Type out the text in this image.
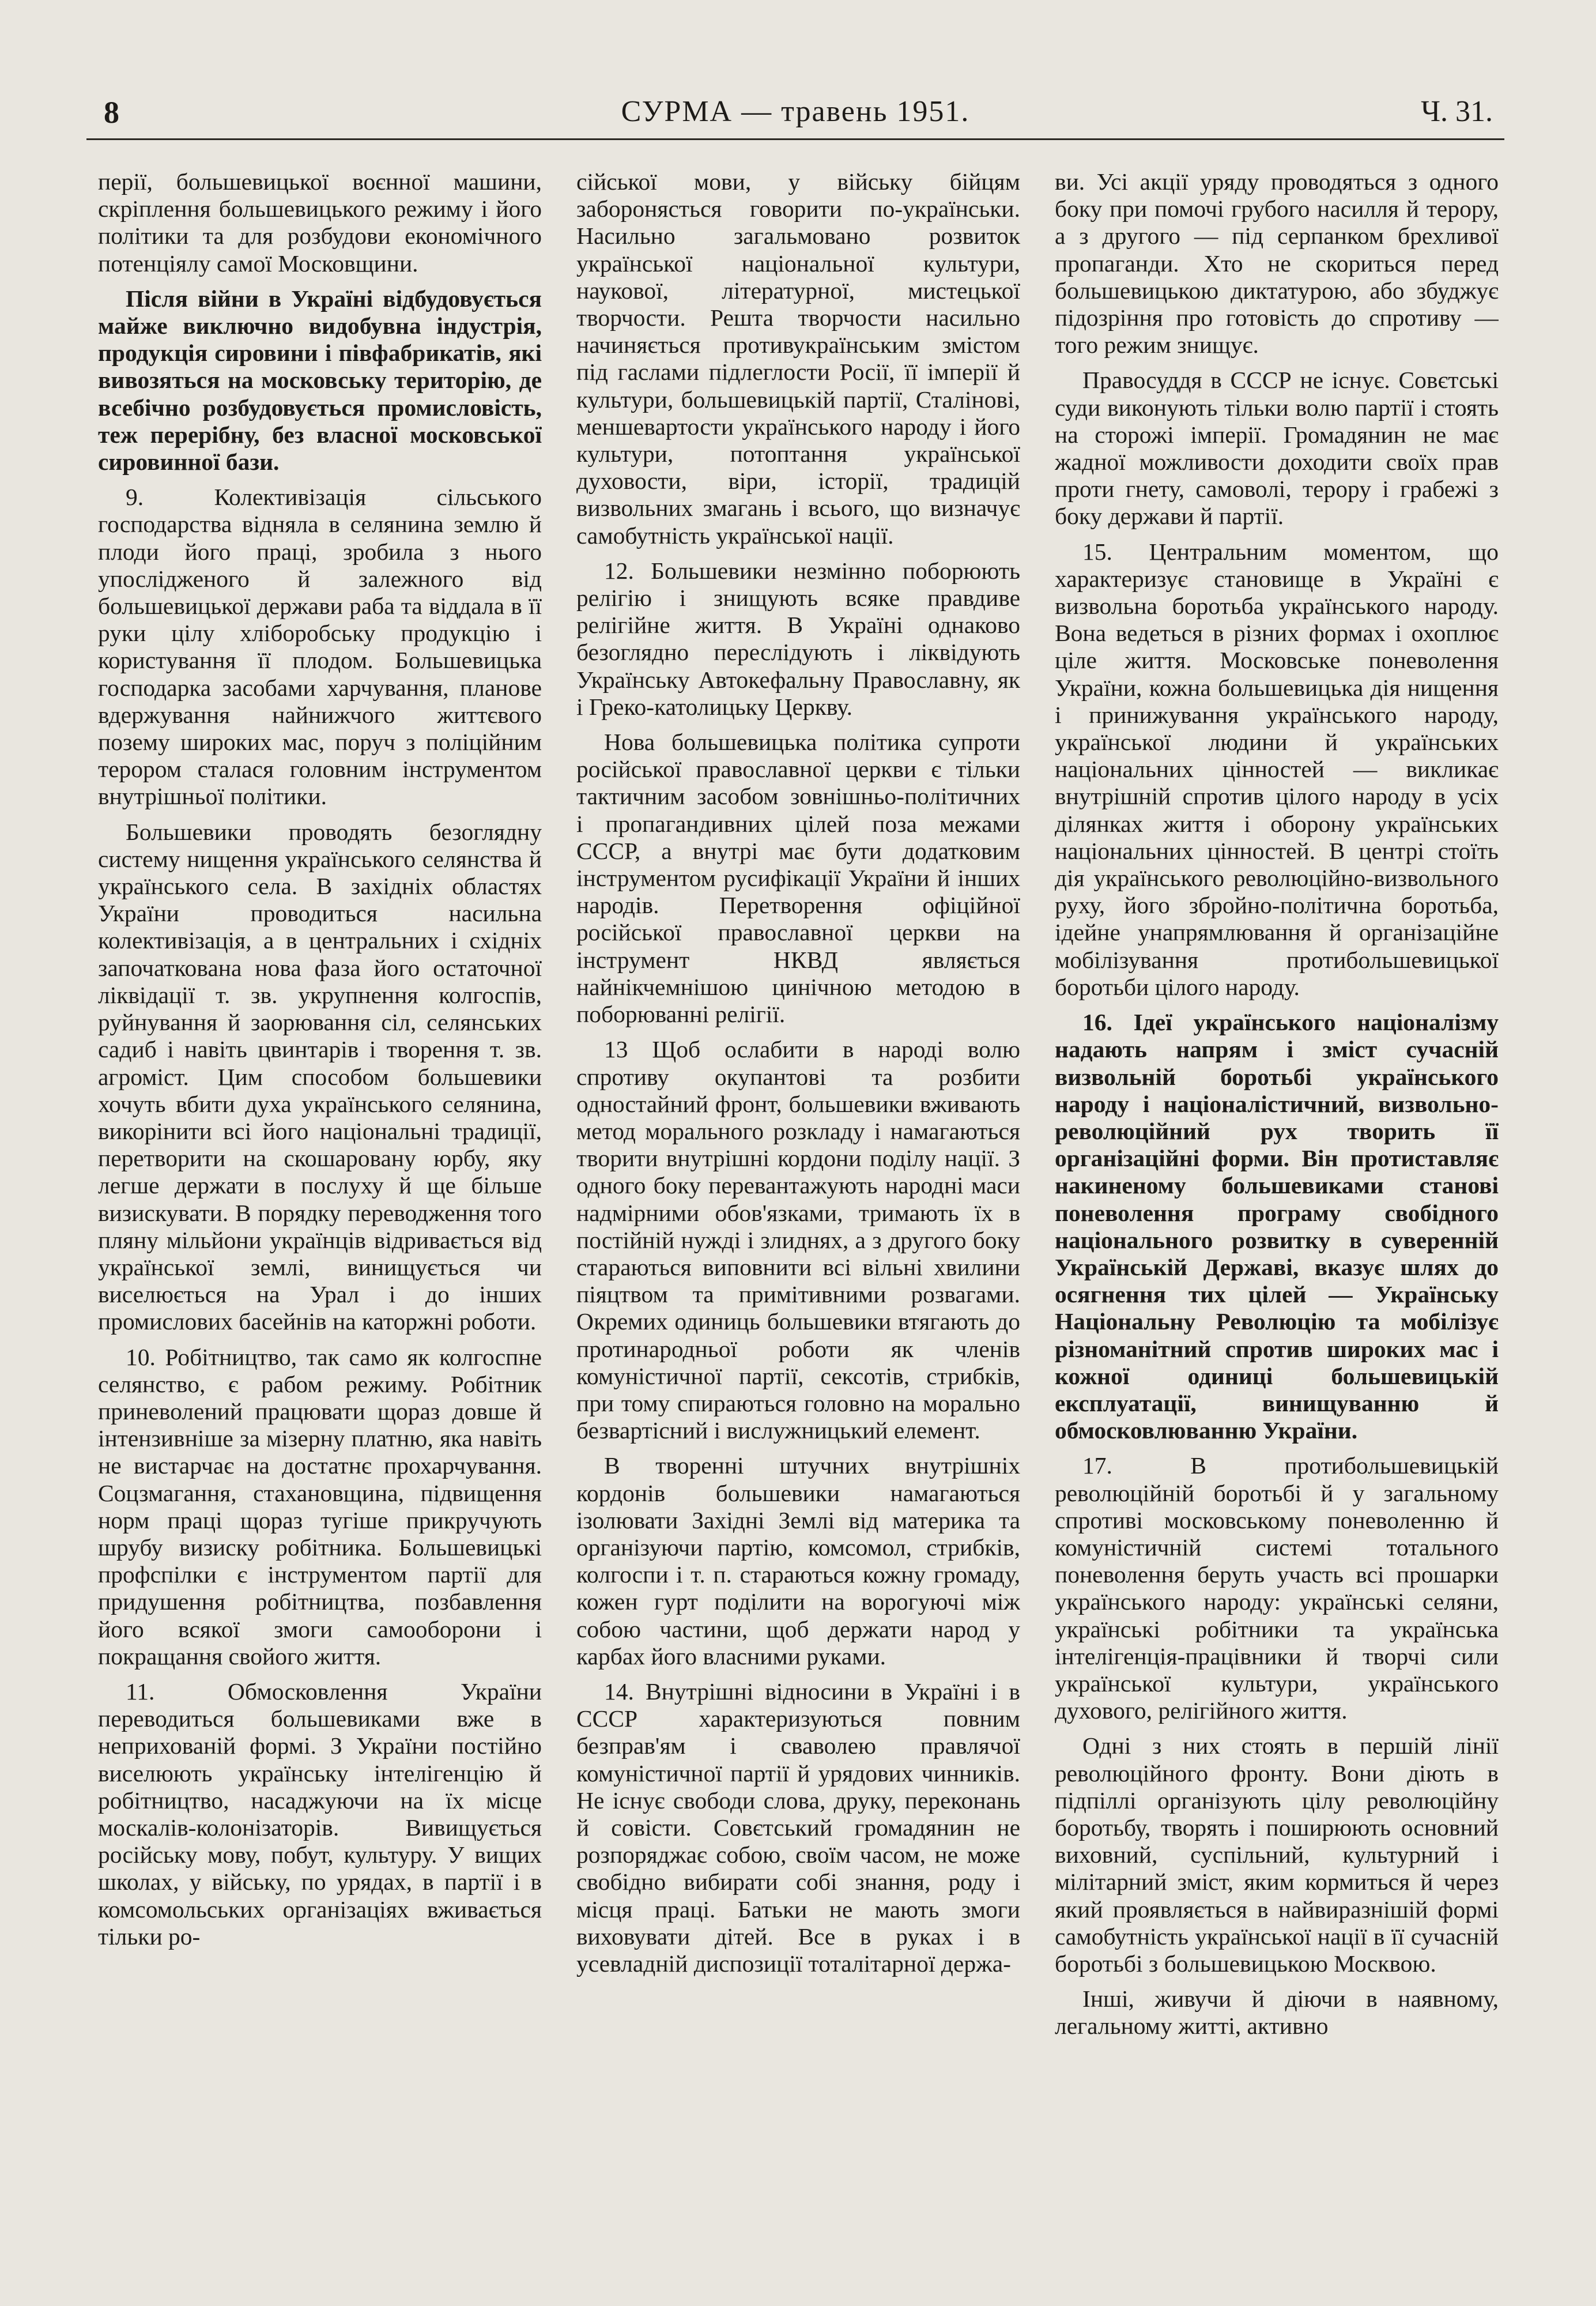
8	СУРМА — травень 1951.	Ч. 31.

перії, большевицької воєнної машини, скріплення большевицького режиму і його політики та для розбудови економічного потенціялу самої Московщини.

Після війни в Україні відбудовується майже виключно видобувна індустрія, продукція сировини і півфабрикатів, які вивозяться на московську територію, де всебічно розбудовується промисловість, теж перерібну, без власної московської сировинної бази.

9. Колективізація сільського господарства відняла в селянина землю й плоди його праці, зробила з нього упослідженого й залежного від большевицької держави раба та віддала в її руки цілу хліборобську продукцію і користування її плодом. Большевицька господарка засобами харчування, планове вдержування найнижчого життєвого позему широких мас, поруч з поліційним терором сталася головним інструментом внутрішньої політики.

Большевики проводять безоглядну систему нищення українського селянства й українського села. В західніх областях України проводиться насильна колективізація, а в центральних і східніх започаткована нова фаза його остаточної ліквідації т. зв. укрупнення колгоспів, руйнування й заорювання сіл, селянських садиб і навіть цвинтарів і творення т. зв. агроміст. Цим способом большевики хочуть вбити духа українського селянина, викорінити всі його національні традиції, перетворити на скошаровану юрбу, яку легше держати в послуху й ще більше визискувати. В порядку переводження того пляну мільйони українців відривається від української землі, винищується чи виселюється на Урал і до інших промислових басейнів на каторжні роботи.

10. Робітництво, так само як колгоспне селянство, є рабом режиму. Робітник приневолений працювати щораз довше й інтензивніше за мізерну платню, яка навіть не вистарчає на достатнє прохарчування. Соцзмагання, стахановщина, підвищення норм праці щораз тугіше прикручують шрубу визиску робітника. Большевицькі профспілки є інструментом партії для придушення робітництва, позбавлення його всякої змоги самооборони і покращання свойого життя.

11. Обмосковлення України переводиться большевиками вже в неприхованій формі. З України постійно виселюють українську інтелігенцію й робітництво, насаджуючи на їх місце москалів-колонізаторів. Вивищується російську мову, побут, культуру. У вищих школах, у війську, по урядах, в партії і в комсомольських організаціях вживається тільки ро-

сійської мови, у війську бійцям заборонясться говорити по-українськи. Насильно загальмовано розвиток української національної культури, наукової, літературної, мистецької творчости. Решта творчости насильно начиняється противукраїнським змістом під гаслами підлеглости Росії, її імперії й культури, большевицькій партії, Сталінові, меншевартости українського народу і його культури, потоптання української духовости, віри, історії, традицій визвольних змагань і всього, що визначує самобутність української нації.

12. Большевики незмінно поборюють релігію і знищують всяке правдиве релігійне життя. В Україні однаково безоглядно переслідують і ліквідують Українську Автокефальну Православну, як і Греко-католицьку Церкву.

Нова большевицька політика супроти російської православної церкви є тільки тактичним засобом зовнішньо-політичних і пропагандивних цілей поза межами СССР, а внутрі має бути додатковим інструментом русифікації України й інших народів. Перетворення офіційної російської православної церкви на інструмент НКВД являється найнікчемнішою цинічною методою в поборюванні релігії.

13 Щоб ослабити в народі волю спротиву окупантові та розбити одностайний фронт, большевики вживають метод морального розкладу і намагаються творити внутрішні кордони поділу нації. З одного боку перевантажують народні маси надмірними обов'язками, тримають їх в постійній нужді і злиднях, а з другого боку стараються виповнити всі вільні хвилини піяцтвом та примітивними розвагами. Окремих одиниць большевики втягають до протинародньої роботи як членів комуністичної партії, сексотів, стрибків, при тому спираються головно на морально безвартісний і вислужницький елемент.

В творенні штучних внутрішніх кордонів большевики намагаються ізолювати Західні Землі від материка та організуючи партію, комсомол, стрибків, колгоспи і т. п. стараються кожну громаду, кожен гурт поділити на ворогуючі між собою частини, щоб держати народ у карбах його власними руками.

14. Внутрішні відносини в Україні і в СССР характеризуються повним безправ'ям і сваволею правлячої комуністичної партії й урядових чинників. Не існує свободи слова, друку, переконань й совісти. Совєтський громадянин не розпоряджає собою, своїм часом, не може свобідно вибирати собі знання, роду і місця праці. Батьки не мають змоги виховувати дітей. Все в руках і в усевладній диспозиції тоталітарної держа-

ви. Усі акції уряду проводяться з одного боку при помочі грубого насилля й терору, а з другого — під серпанком брехливої пропаганди. Хто не скориться перед большевицькою диктатурою, або збуджує підозріння про готовість до спротиву — того режим знищує.

Правосуддя в СССР не існує. Совєтські суди виконують тільки волю партії і стоять на сторожі імперії. Громадянин не має жадної можливости доходити своїх прав проти гнету, самоволі, терору і грабежі з боку держави й партії.

15. Центральним моментом, що характеризує становище в Україні є визвольна боротьба українського народу. Вона ведеться в різних формах і охоплює ціле життя. Московське поневолення України, кожна большевицька дія нищення і принижування українського народу, української людини й українських національних цінностей — викликає внутрішній спротив цілого народу в усіх ділянках життя і оборону українських національних цінностей. В центрі стоїть дія українського революційно-визвольного руху, його збройно-політична боротьба, ідейне унапрямлювання й організаційне мобілізування протибольшевицької боротьби цілого народу.

16. Ідеї українського націоналізму надають напрям і зміст сучасній визвольній боротьбі українського народу і націоналістичний, визвольно-революційний рух творить її організаційні форми. Він протиставляє накиненому большевиками станові поневолення програму свобідного національного розвитку в суверенній Українській Державі, вказує шлях до осягнення тих цілей — Українську Національну Революцію та мобілізує різноманітний спротив широких мас і кожної одиниці большевицькій експлуатації, винищуванню й обмосковлюванню України.

17. В протибольшевицькій революційній боротьбі й у загальному спротиві московському поневоленню й комуністичній системі тотального поневолення беруть участь всі прошарки українського народу: українські селяни, українські робітники та українська інтелігенція-працівники й творчі сили української культури, українського духового, релігійного життя.

Одні з них стоять в першій лінії революційного фронту. Вони діють в підпіллі організують цілу революційну боротьбу, творять і поширюють основний виховний, суспільний, культурний і мілітарний зміст, яким кормиться й через який проявляється в найвиразнішій формі самобутність української нації в її сучасній боротьбі з большевицькою Москвою.

Інші, живучи й діючи в наявному, легальному житті, активно
